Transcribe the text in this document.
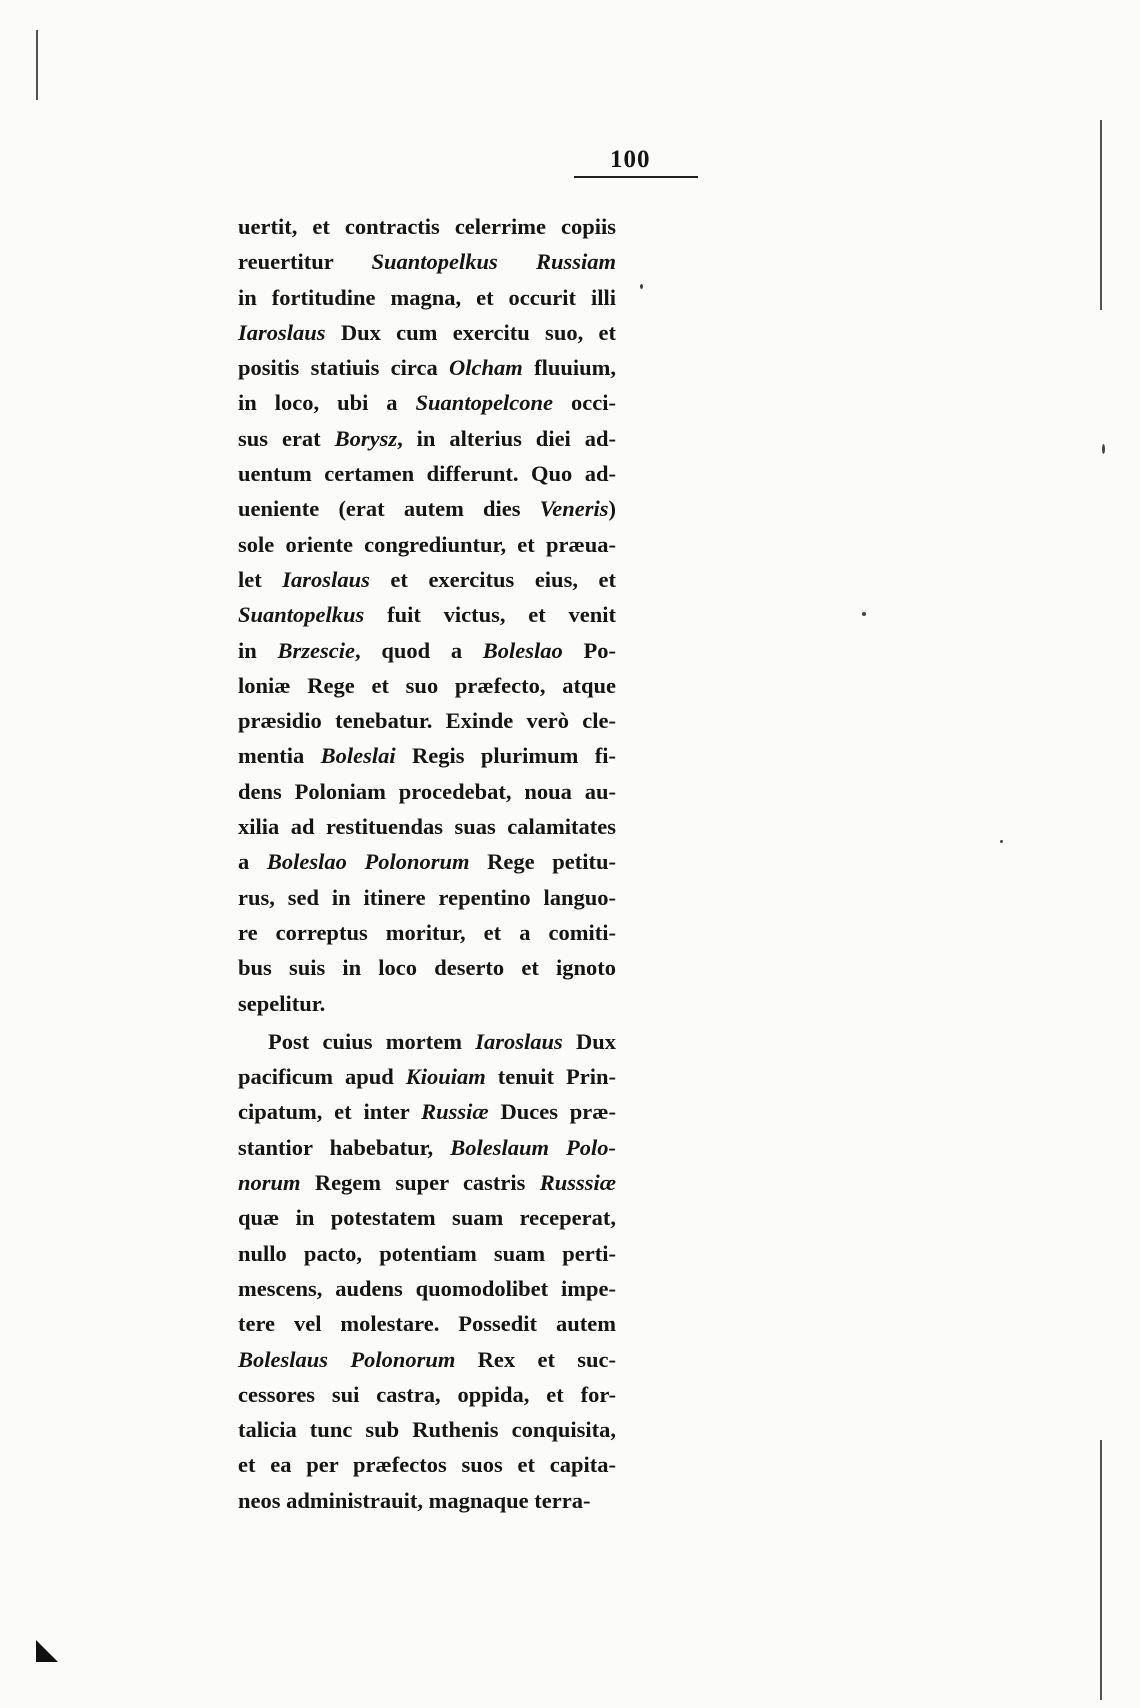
100
uertit, et contractis celerrime copiis
reuertitur Suantopelkus Russiam
in fortitudine magna, et occurit illi
Iaroslaus Dux cum exercitu suo, et
positis statiuis circa Olcham fluuium,
in loco, ubi a Suantopelcone occi-
sus erat Borysz, in alterius diei ad-
uentum certamen differunt. Quo ad-
ueniente (erat autem dies Veneris)
sole oriente congrediuntur, et præua-
let Iaroslaus et exercitus eius, et
Suantopelkus fuit victus, et venit
in Brzescie, quod a Boleslao Po-
loniæ Rege et suo præfecto, atque
præsidio tenebatur. Exinde verò cle-
mentia Boleslai Regis plurimum fi-
dens Poloniam procedebat, noua au-
xilia ad restituendas suas calamitates
a Boleslao Polonorum Rege petitu-
rus, sed in itinere repentino languo-
re correptus moritur, et a comiti-
bus suis in loco deserto et ignoto
sepelitur.
Post cuius mortem Iaroslaus Dux
pacificum apud Kiouiam tenuit Prin-
cipatum, et inter Russiæ Duces præ-
stantior habebatur, Boleslaum Polo-
norum Regem super castris Russsiæ
quæ in potestatem suam receperat,
nullo pacto, potentiam suam perti-
mescens, audens quomodolibet impe-
tere vel molestare. Possedit autem
Boleslaus Polonorum Rex et suc-
cessores sui castra, oppida, et for-
talicia tunc sub Ruthenis conquisita,
et ea per præfectos suos et capita-
neos administrauit, magnaque terra-
